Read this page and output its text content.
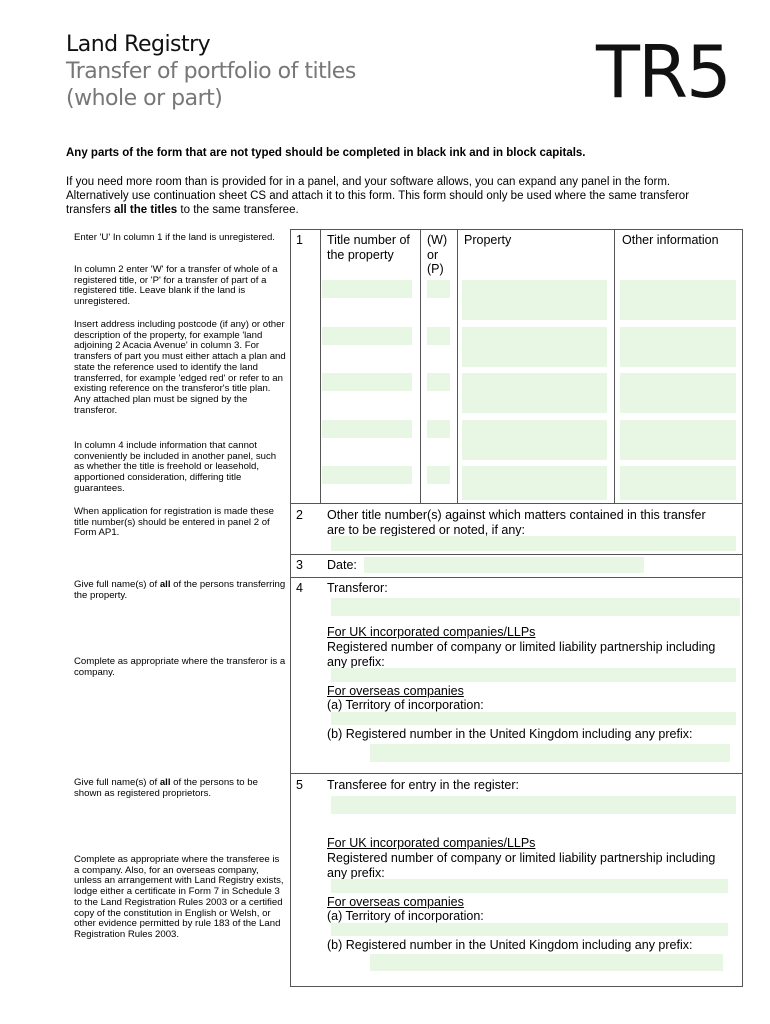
Land Registry
Transfer of portfolio of titles (whole or part)	TR5
Any parts of the form that are not typed should be completed in black ink and in block capitals.
If you need more room than is provided for in a panel, and your software allows, you can expand any panel in the form. Alternatively use continuation sheet CS and attach it to this form. This form should only be used where the same transferor transfers all the titles to the same transferee.
Enter 'U' In column 1 if the land is unregistered.
In column 2 enter 'W' for a transfer of whole of a registered title, or 'P' for a transfer of part of a registered title. Leave blank if the land is unregistered.
Insert address including postcode (if any) or other description of the property, for example 'land adjoining 2 Acacia Avenue' in column 3. For transfers of part you must either attach a plan and state the reference used to identify the land transferred, for example 'edged red' or refer to an existing reference on the transferor's title plan. Any attached plan must be signed by the transferor.
In column 4 include information that cannot conveniently be included in another panel, such as whether the title is freehold or leasehold, apportioned consideration, differing title guarantees.
When application for registration is made these title number(s) should be entered in panel 2 of Form AP1.
Give full name(s) of all of the persons transferring the property.
Complete as appropriate where the transferor is a company.
Give full name(s) of all of the persons to be shown as registered proprietors.
Complete as appropriate where the transferee is a company. Also, for an overseas company, unless an arrangement with Land Registry exists, lodge either a certificate in Form 7 in Schedule 3 to the Land Registration Rules 2003 or a certified copy of the constitution in English or Welsh, or other evidence permitted by rule 183 of the Land Registration Rules 2003.
1 Title number of the property
(W) or (P)
Property	Other information
2 Other title number(s) against which matters contained in this transfer are to be registered or noted, if any:
3 Date:
4 Transferor:
For UK incorporated companies/LLPs
Registered number of company or limited liability partnership including any prefix:
For overseas companies
(a) Territory of incorporation:
(b) Registered number in the United Kingdom including any prefix:
5 Transferee for entry in the register:
For UK incorporated companies/LLPs
Registered number of company or limited liability partnership including any prefix:
For overseas companies
(a) Territory of incorporation:
(b) Registered number in the United Kingdom including any prefix:
